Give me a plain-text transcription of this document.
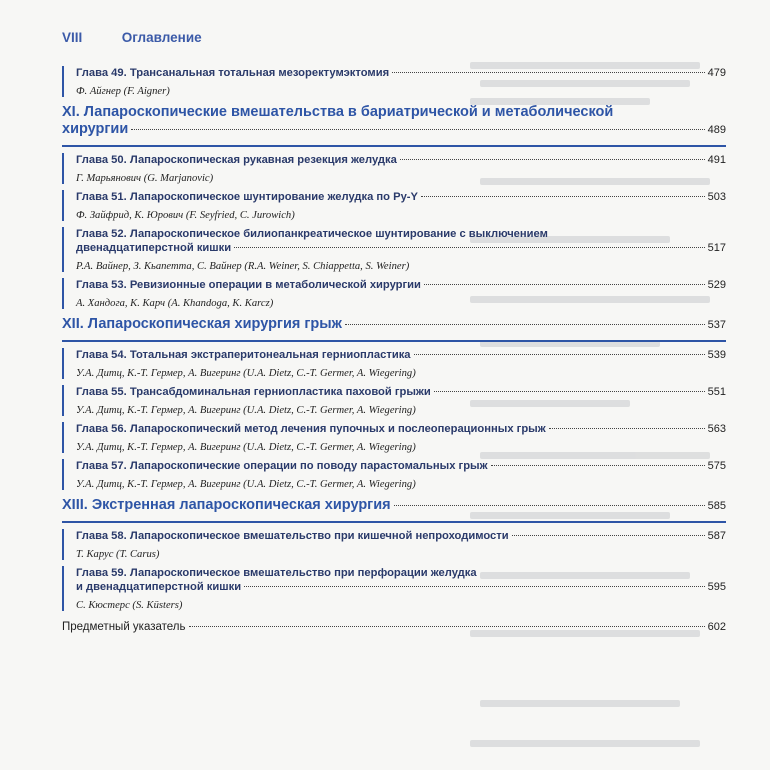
VIII	Оглавление
Глава 49. Трансанальная тотальная мезоректумэктомия	479
Ф. Айгнер (F. Aigner)
XI. Лапароскопические вмешательства в бариатрической и метаболической
хирургии	489
Глава 50. Лапароскопическая рукавная резекция желудка	491
Г. Марьянович (G. Marjanovic)
Глава 51. Лапароскопическое шунтирование желудка по Ру-Y	503
Ф. Зайфрид, К. Юрович (F. Seyfried, C. Jurowich)
Глава 52. Лапароскопическое билиопанкреатическое шунтирование с выключением
двенадцатиперстной кишки	517
Р.А. Вайнер, З. Кьапетта, С. Вайнер (R.A. Weiner, S. Chiappetta, S. Weiner)
Глава 53. Ревизионные операции в метаболической хирургии	529
А. Хандога, К. Карч (A. Khandoga, K. Karcz)
XII. Лапароскопическая хирургия грыж	537
Глава 54. Тотальная экстраперитонеальная герниопластика	539
У.А. Дитц, К.-Т. Гермер, А. Вигеринг (U.A. Dietz, C.-T. Germer, A. Wiegering)
Глава 55. Трансабдоминальная герниопластика паховой грыжи	551
У.А. Дитц, К.-Т. Гермер, А. Вигеринг (U.A. Dietz, C.-T. Germer, A. Wiegering)
Глава 56. Лапароскопический метод лечения пупочных и послеоперационных грыж	563
У.А. Дитц, К.-Т. Гермер, А. Вигеринг (U.A. Dietz, C.-T. Germer, A. Wiegering)
Глава 57. Лапароскопические операции по поводу парастомальных грыж	575
У.А. Дитц, К.-Т. Гермер, А. Вигеринг (U.A. Dietz, C.-T. Germer, A. Wiegering)
XIII. Экстренная лапароскопическая хирургия	585
Глава 58. Лапароскопическое вмешательство при кишечной непроходимости	587
Т. Карус (T. Carus)
Глава 59. Лапароскопическое вмешательство при перфорации желудка
и двенадцатиперстной кишки	595
С. Кюстерс (S. Küsters)
Предметный указатель	602
